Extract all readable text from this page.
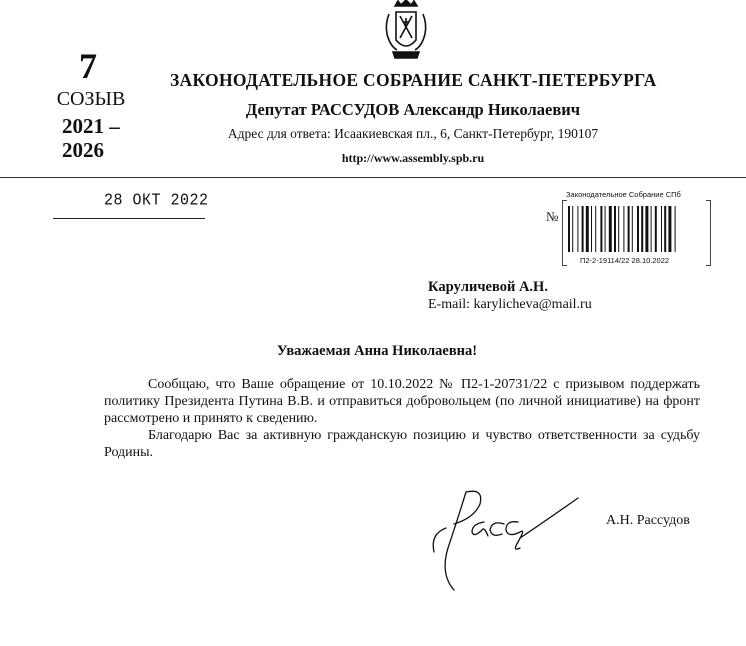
7
СОЗЫВ
2021 –
2026
ЗАКОНОДАТЕЛЬНОЕ СОБРАНИЕ САНКТ-ПЕТЕРБУРГА
Депутат РАССУДОВ Александр Николаевич
Адрес для ответа: Исаакиевская пл., 6, Санкт-Петербург, 190107
http://www.assembly.spb.ru
28 ОКТ 2022	Законодательное Собрание СПб
№
П2-2-19114/22 28.10.2022
Карyличевой А.Н.
E-mail: karylicheva@mail.ru
Уважаемая Анна Николаевна!

Сообщаю, что Ваше обращение от 10.10.2022 № П2-1-20731/22 с призывом поддержать политику Президента Путина В.В. и отправиться добровольцем (по личной инициативе) на фронт рассмотрено и принято к сведению.

Благодарю Вас за активную гражданскую позицию и чувство ответственности за судьбу Родины.

А.Н. Рассудов
